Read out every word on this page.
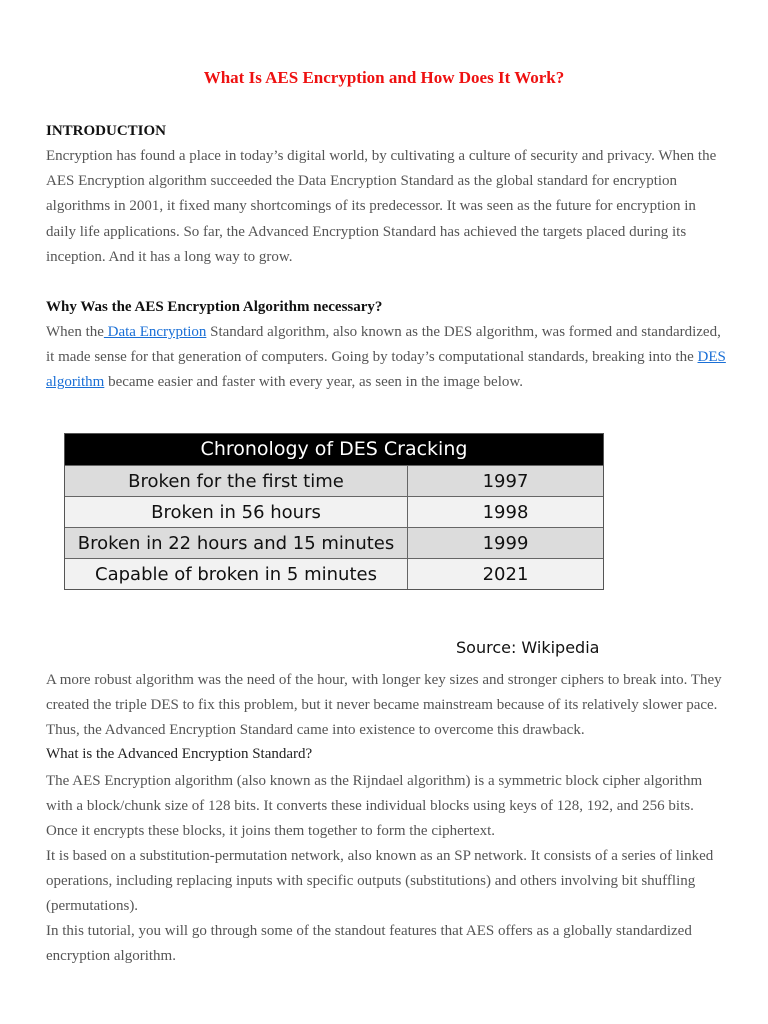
What Is AES Encryption and How Does It Work?
INTRODUCTION

Encryption has found a place in today’s digital world, by cultivating a culture of security and privacy. When the AES Encryption algorithm succeeded the Data Encryption Standard as the global standard for encryption algorithms in 2001, it fixed many shortcomings of its predecessor. It was seen as the future for encryption in daily life applications. So far, the Advanced Encryption Standard has achieved the targets placed during its inception. And it has a long way to grow.

Why Was the AES Encryption Algorithm necessary?

When the Data Encryption Standard algorithm, also known as the DES algorithm, was formed and standardized, it made sense for that generation of computers. Going by today’s computational standards, breaking into the DES algorithm became easier and faster with every year, as seen in the image below.

Chronology of DES Cracking
Broken for the first time	1997
Broken in 56 hours	1998
Broken in 22 hours and 15 minutes	1999
Capable of broken in 5 minutes	2021
Source: Wikipedia

A more robust algorithm was the need of the hour, with longer key sizes and stronger ciphers to break into. They created the triple DES to fix this problem, but it never became mainstream because of its relatively slower pace. Thus, the Advanced Encryption Standard came into existence to overcome this drawback.

What is the Advanced Encryption Standard?

The AES Encryption algorithm (also known as the Rijndael algorithm) is a symmetric block cipher algorithm with a block/chunk size of 128 bits. It converts these individual blocks using keys of 128, 192, and 256 bits. Once it encrypts these blocks, it joins them together to form the ciphertext.

It is based on a substitution-permutation network, also known as an SP network. It consists of a series of linked operations, including replacing inputs with specific outputs (substitutions) and others involving bit shuffling (permutations).

In this tutorial, you will go through some of the standout features that AES offers as a globally standardized encryption algorithm.
